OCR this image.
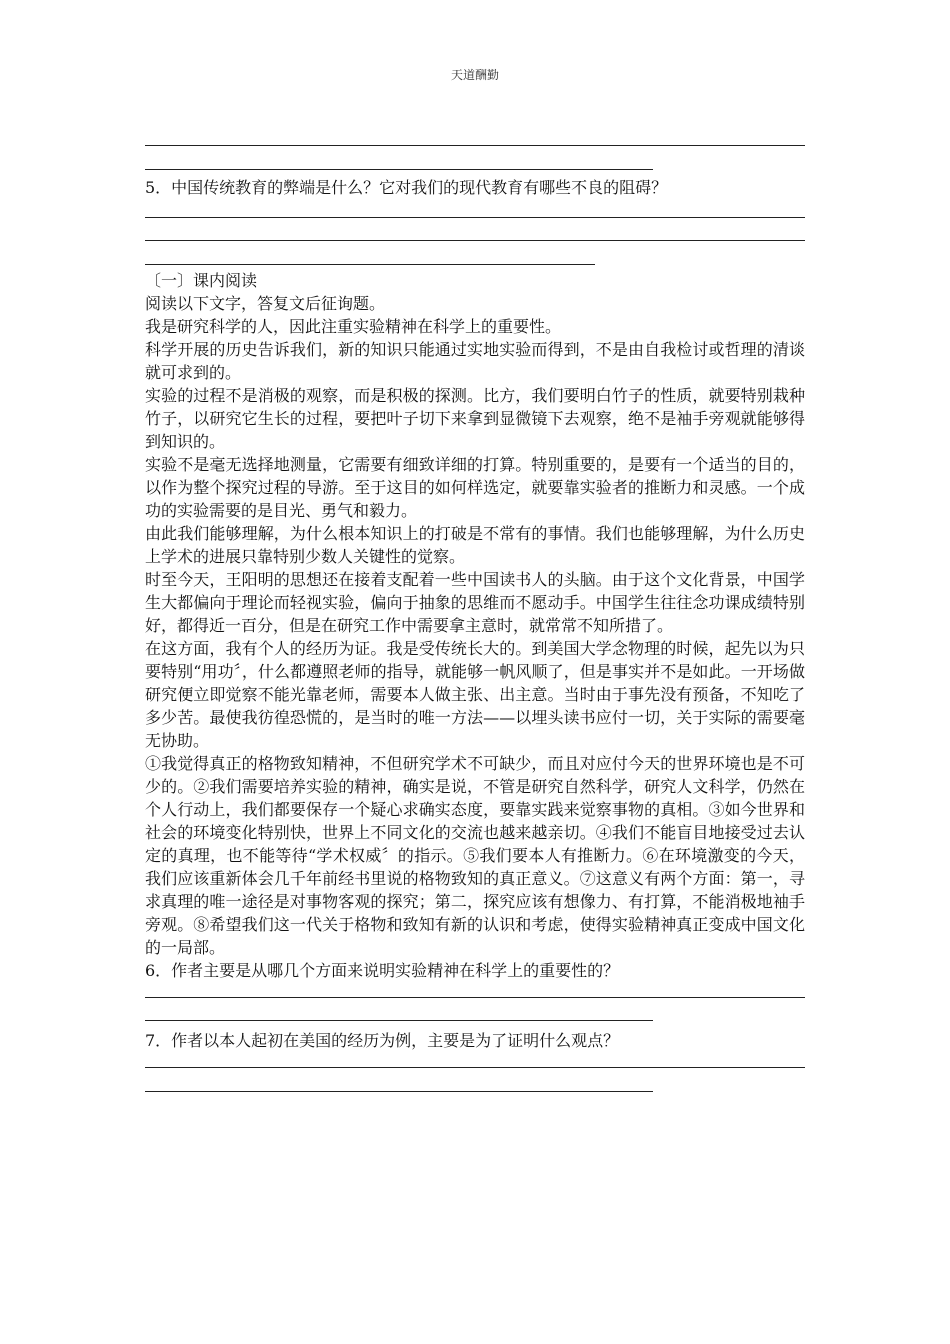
天道酬勤

5．中国传统教育的弊端是什么？它对我们的现代教育有哪些不良的阻碍？

〔一〕课内阅读

阅读以下文字，答复文后征询题。

我是研究科学的人，因此注重实验精神在科学上的重要性。

科学开展的历史告诉我们，新的知识只能通过实地实验而得到，不是由自我检讨或哲理的清谈就可求到的。

实验的过程不是消极的观察，而是积极的探测。比方，我们要明白竹子的性质，就要特别栽种竹子，以研究它生长的过程，要把叶子切下来拿到显微镜下去观察，绝不是袖手旁观就能够得到知识的。

实验不是毫无选择地测量，它需要有细致详细的打算。特别重要的，是要有一个适当的目的，以作为整个探究过程的导游。至于这目的如何样选定，就要靠实验者的推断力和灵感。一个成功的实验需要的是目光、勇气和毅力。

由此我们能够理解，为什么根本知识上的打破是不常有的事情。我们也能够理解，为什么历史上学术的进展只靠特别少数人关键性的觉察。

时至今天，王阳明的思想还在接着支配着一些中国读书人的头脑。由于这个文化背景，中国学生大都偏向于理论而轻视实验，偏向于抽象的思维而不愿动手。中国学生往往念功课成绩特别好，都得近一百分，但是在研究工作中需要拿主意时，就常常不知所措了。

在这方面，我有个人的经历为证。我是受传统长大的。到美国大学念物理的时候，起先以为只要特别“用功〞，什么都遵照老师的指导，就能够一帆风顺了，但是事实并不是如此。一开场做研究便立即觉察不能光靠老师，需要本人做主张、出主意。当时由于事先没有预备，不知吃了多少苦。最使我彷徨恐慌的，是当时的唯一方法——以埋头读书应付一切，关于实际的需要毫无协助。

①我觉得真正的格物致知精神，不但研究学术不可缺少，而且对应付今天的世界环境也是不可少的。②我们需要培养实验的精神，确实是说，不管是研究自然科学，研究人文科学，仍然在个人行动上，我们都要保存一个疑心求确实态度，要靠实践来觉察事物的真相。③如今世界和社会的环境变化特别快，世界上不同文化的交流也越来越亲切。④我们不能盲目地接受过去认定的真理，也不能等待“学术权威〞的指示。⑤我们要本人有推断力。⑥在环境激变的今天，我们应该重新体会几千年前经书里说的格物致知的真正意义。⑦这意义有两个方面：第一，寻求真理的唯一途径是对事物客观的探究；第二，探究应该有想像力、有打算，不能消极地袖手旁观。⑧希望我们这一代关于格物和致知有新的认识和考虑，使得实验精神真正变成中国文化的一局部。

6．作者主要是从哪几个方面来说明实验精神在科学上的重要性的？

7．作者以本人起初在美国的经历为例，主要是为了证明什么观点？
